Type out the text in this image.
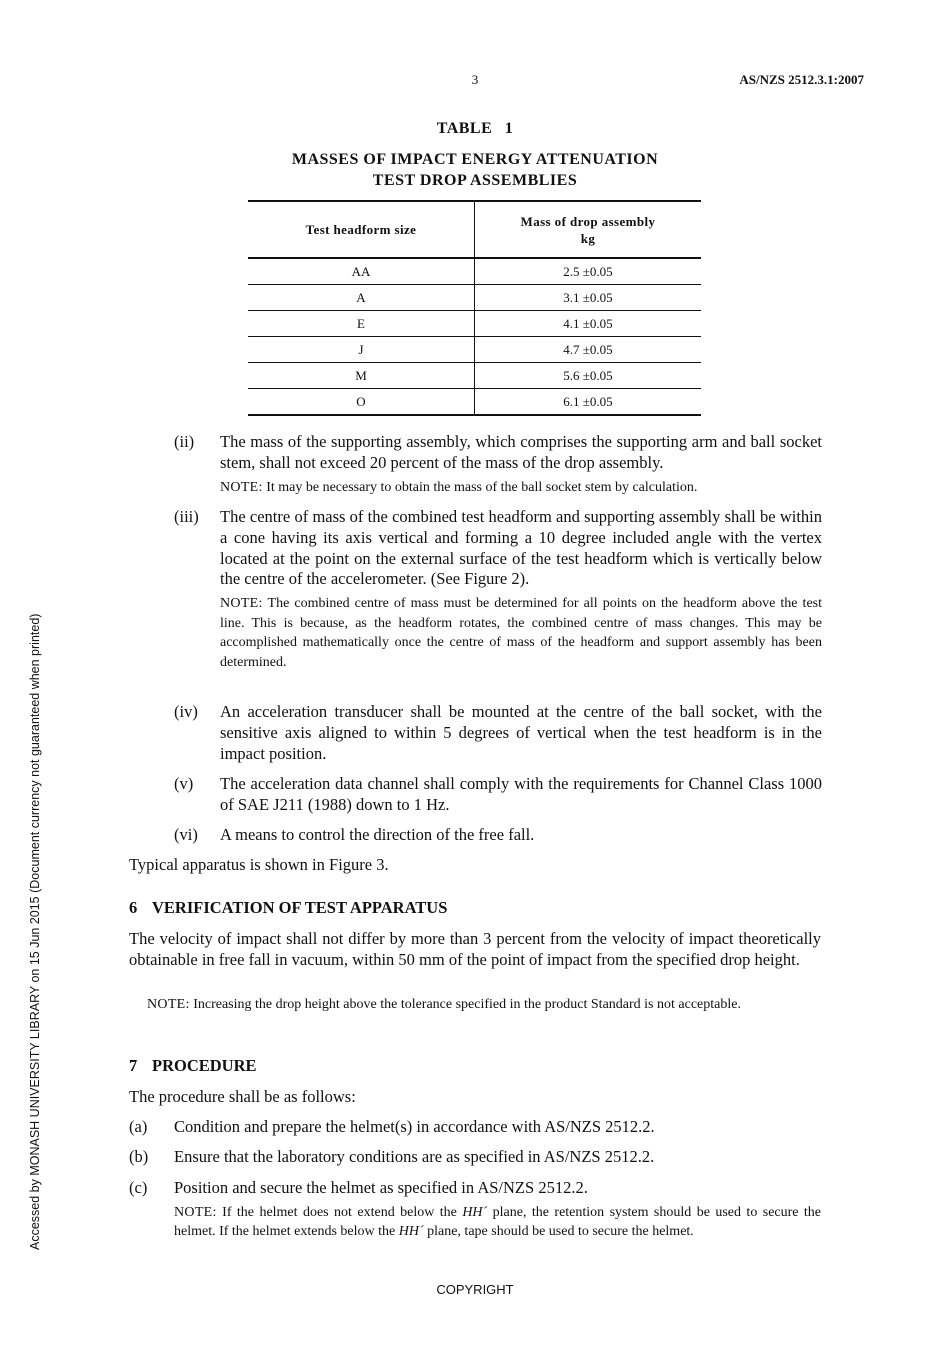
3	AS/NZS 2512.3.1:2007
TABLE 1
MASSES OF IMPACT ENERGY ATTENUATION
TEST DROP ASSEMBLIES
Test headform size	Mass of drop assembly
kg
AA	2.5 ±0.05
A	3.1 ±0.05
E	4.1 ±0.05
J	4.7 ±0.05
M	5.6 ±0.05
O	6.1 ±0.05
(ii) The mass of the supporting assembly, which comprises the supporting arm and ball socket stem, shall not exceed 20 percent of the mass of the drop assembly.
NOTE: It may be necessary to obtain the mass of the ball socket stem by calculation.
(iii) The centre of mass of the combined test headform and supporting assembly shall be within a cone having its axis vertical and forming a 10 degree included angle with the vertex located at the point on the external surface of the test headform which is vertically below the centre of the accelerometer. (See Figure 2).
NOTE: The combined centre of mass must be determined for all points on the headform above the test line. This is because, as the headform rotates, the combined centre of mass changes. This may be accomplished mathematically once the centre of mass of the headform and support assembly has been determined.
(iv) An acceleration transducer shall be mounted at the centre of the ball socket, with the sensitive axis aligned to within 5 degrees of vertical when the test headform is in the impact position.
(v) The acceleration data channel shall comply with the requirements for Channel Class 1000 of SAE J211 (1988) down to 1 Hz.
(vi) A means to control the direction of the free fall.
Typical apparatus is shown in Figure 3.
6 VERIFICATION OF TEST APPARATUS
The velocity of impact shall not differ by more than 3 percent from the velocity of impact theoretically obtainable in free fall in vacuum, within 50 mm of the point of impact from the specified drop height.
NOTE: Increasing the drop height above the tolerance specified in the product Standard is not acceptable.
7 PROCEDURE
The procedure shall be as follows:
(a) Condition and prepare the helmet(s) in accordance with AS/NZS 2512.2.
(b) Ensure that the laboratory conditions are as specified in AS/NZS 2512.2.
(c) Position and secure the helmet as specified in AS/NZS 2512.2.
NOTE: If the helmet does not extend below the HH´ plane, the retention system should be used to secure the helmet. If the helmet extends below the HH´ plane, tape should be used to secure the helmet.
Accessed by MONASH UNIVERSITY LIBRARY on 15 Jun 2015 (Document currency not guaranteed when printed)
COPYRIGHT
